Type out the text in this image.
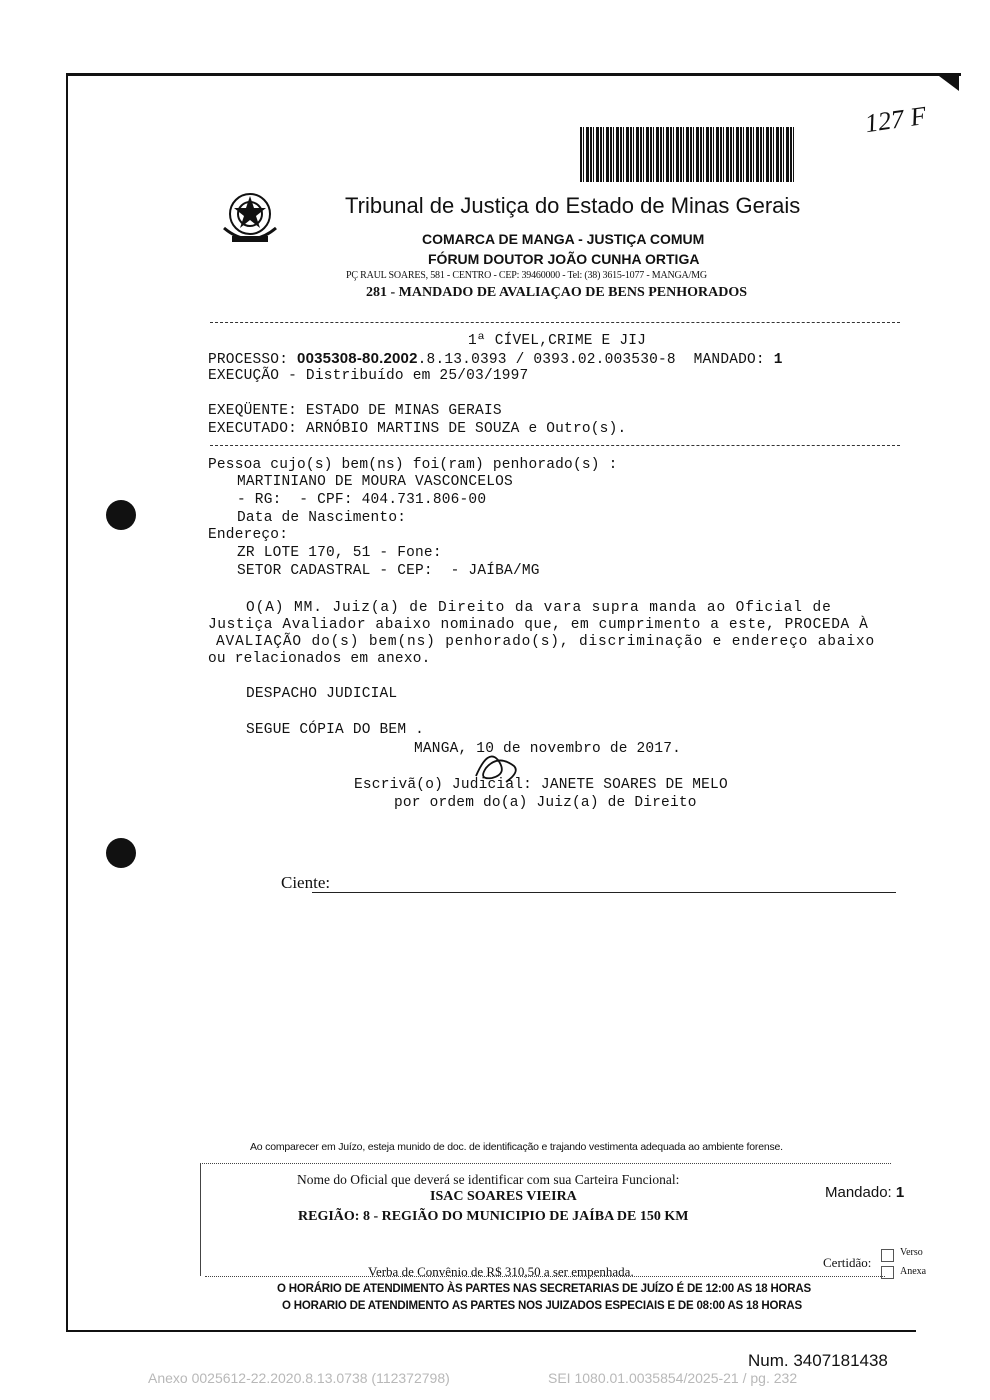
127 F
Tribunal de Justiça do Estado de Minas Gerais
COMARCA DE MANGA - JUSTIÇA COMUM
FÓRUM DOUTOR JOÃO CUNHA ORTIGA
PÇ RAUL SOARES, 581 - CENTRO - CEP: 39460000 - Tel: (38) 3615-1077 - MANGA/MG
281 - MANDADO DE AVALIAÇAO DE BENS PENHORADOS
1ª CÍVEL,CRIME E JIJ
PROCESSO: 0035308-80.2002.8.13.0393 / 0393.02.003530-8 MANDADO: 1
EXECUÇÃO - Distribuído em 25/03/1997
EXEQÜENTE: ESTADO DE MINAS GERAIS
EXECUTADO: ARNÓBIO MARTINS DE SOUZA e Outro(s).
Pessoa cujo(s) bem(ns) foi(ram) penhorado(s) :
MARTINIANO DE MOURA VASCONCELOS
- RG:  - CPF: 404.731.806-00
Data de Nascimento:
Endereço:
ZR LOTE 170, 51 - Fone:
SETOR CADASTRAL - CEP:  - JAÍBA/MG
O(A) MM. Juiz(a) de Direito da vara supra manda ao Oficial de
Justiça Avaliador abaixo nominado que, em cumprimento a este, PROCEDA À
AVALIAÇÃO do(s) bem(ns) penhorado(s), discriminação e endereço abaixo
ou relacionados em anexo.
DESPACHO JUDICIAL
SEGUE CÓPIA DO BEM .
MANGA, 10 de novembro de 2017.
Escrivã(o) Judicial: JANETE SOARES DE MELO
por ordem do(a) Juiz(a) de Direito
Ciente:
Ao comparecer em Juízo, esteja munido de doc. de identificação e trajando vestimenta adequada ao ambiente forense.
Nome do Oficial que deverá se identificar com sua Carteira Funcional:
ISAC SOARES VIEIRA
REGIÃO: 8 - REGIÃO DO MUNICIPIO DE JAÍBA DE 150 KM
Mandado: 1
Verba de Convênio de R$ 310,50 a ser empenhada.
Certidão:
Verso
Anexa
O HORÁRIO DE ATENDIMENTO ÀS PARTES NAS SECRETARIAS DE JUÍZO É DE 12:00 AS 18 HORAS
O HORÁRIO DE ATENDIMENTO ÀS PARTES NOS JUIZADOS ESPECIAIS É DE 08:00 AS 18 HORAS
Num. 3407181438
Anexo 0025612-22.2020.8.13.0738 (112372798)	SEI 1080.01.0035854/2025-21 / pg. 232
